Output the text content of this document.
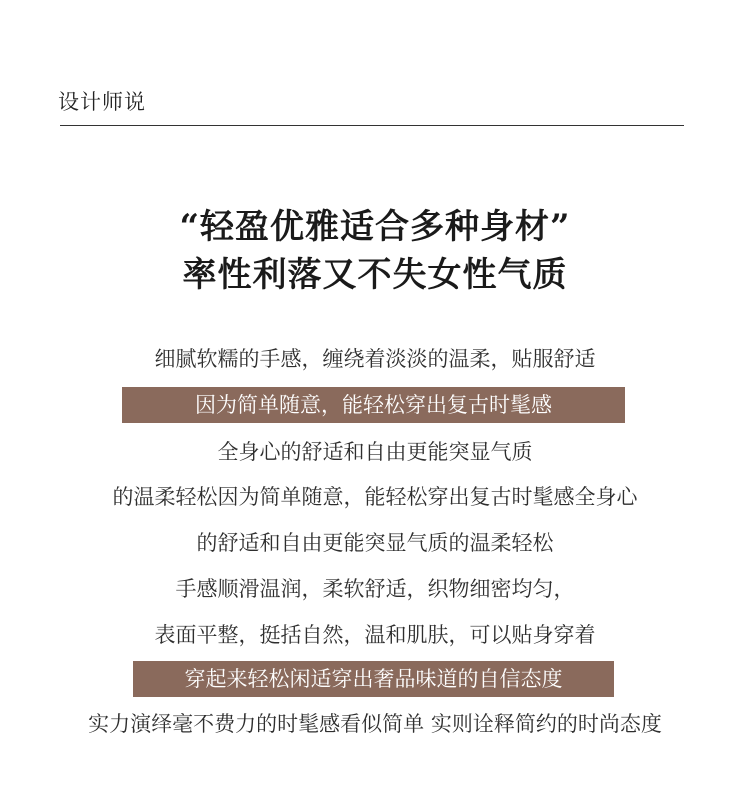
设计师说
“轻盈优雅适合多种身材”
率性利落又不失女性气质
细腻软糯的手感，缠绕着淡淡的温柔，贴服舒适
因为简单随意，能轻松穿出复古时髦感
全身心的舒适和自由更能突显气质
的温柔轻松因为简单随意，能轻松穿出复古时髦感全身心
的舒适和自由更能突显气质的温柔轻松
手感顺滑温润，柔软舒适，织物细密均匀，
表面平整，挺括自然，温和肌肤，可以贴身穿着
穿起来轻松闲适穿出奢品味道的自信态度
实力演绎毫不费力的时髦感看似简单 实则诠释简约的时尚态度
